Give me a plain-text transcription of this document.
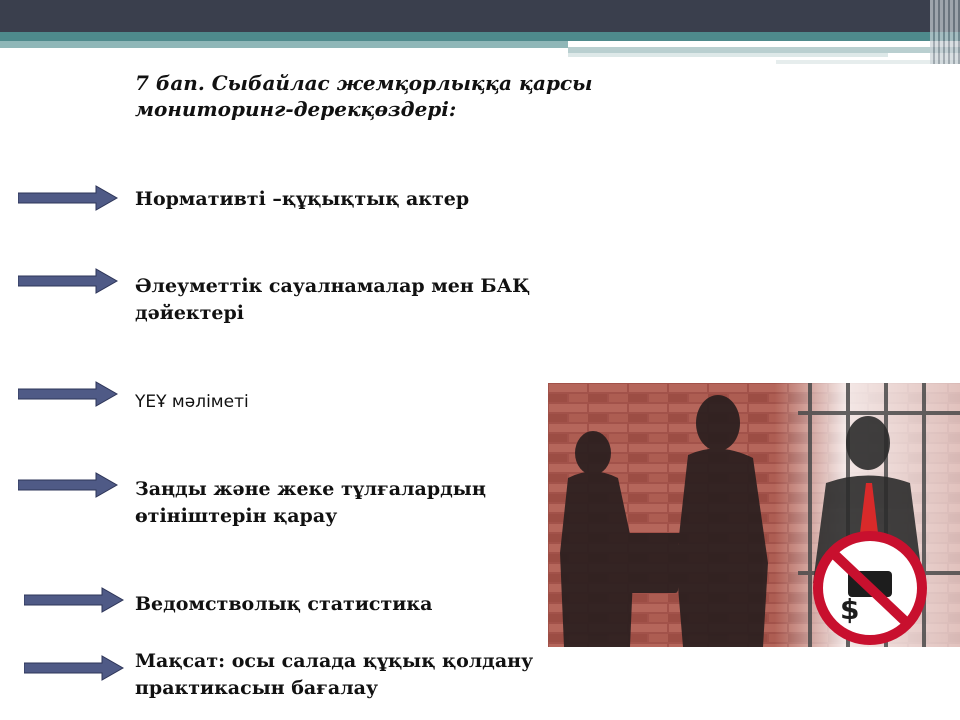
7 бап. Сыбайлас жемқорлыққа қарсы мониторинг-дерекқөздері:
Нормативті –құқықтық актер
Әлеуметтік сауалнамалар мен БАҚ дәйектері
ҮЕҰ мәліметі
Заңды және жеке тұлғалардың өтініштерін қарау
Ведомстволық статистика
Мақсат: осы салада құқық қолдану практикасын бағалау
$
